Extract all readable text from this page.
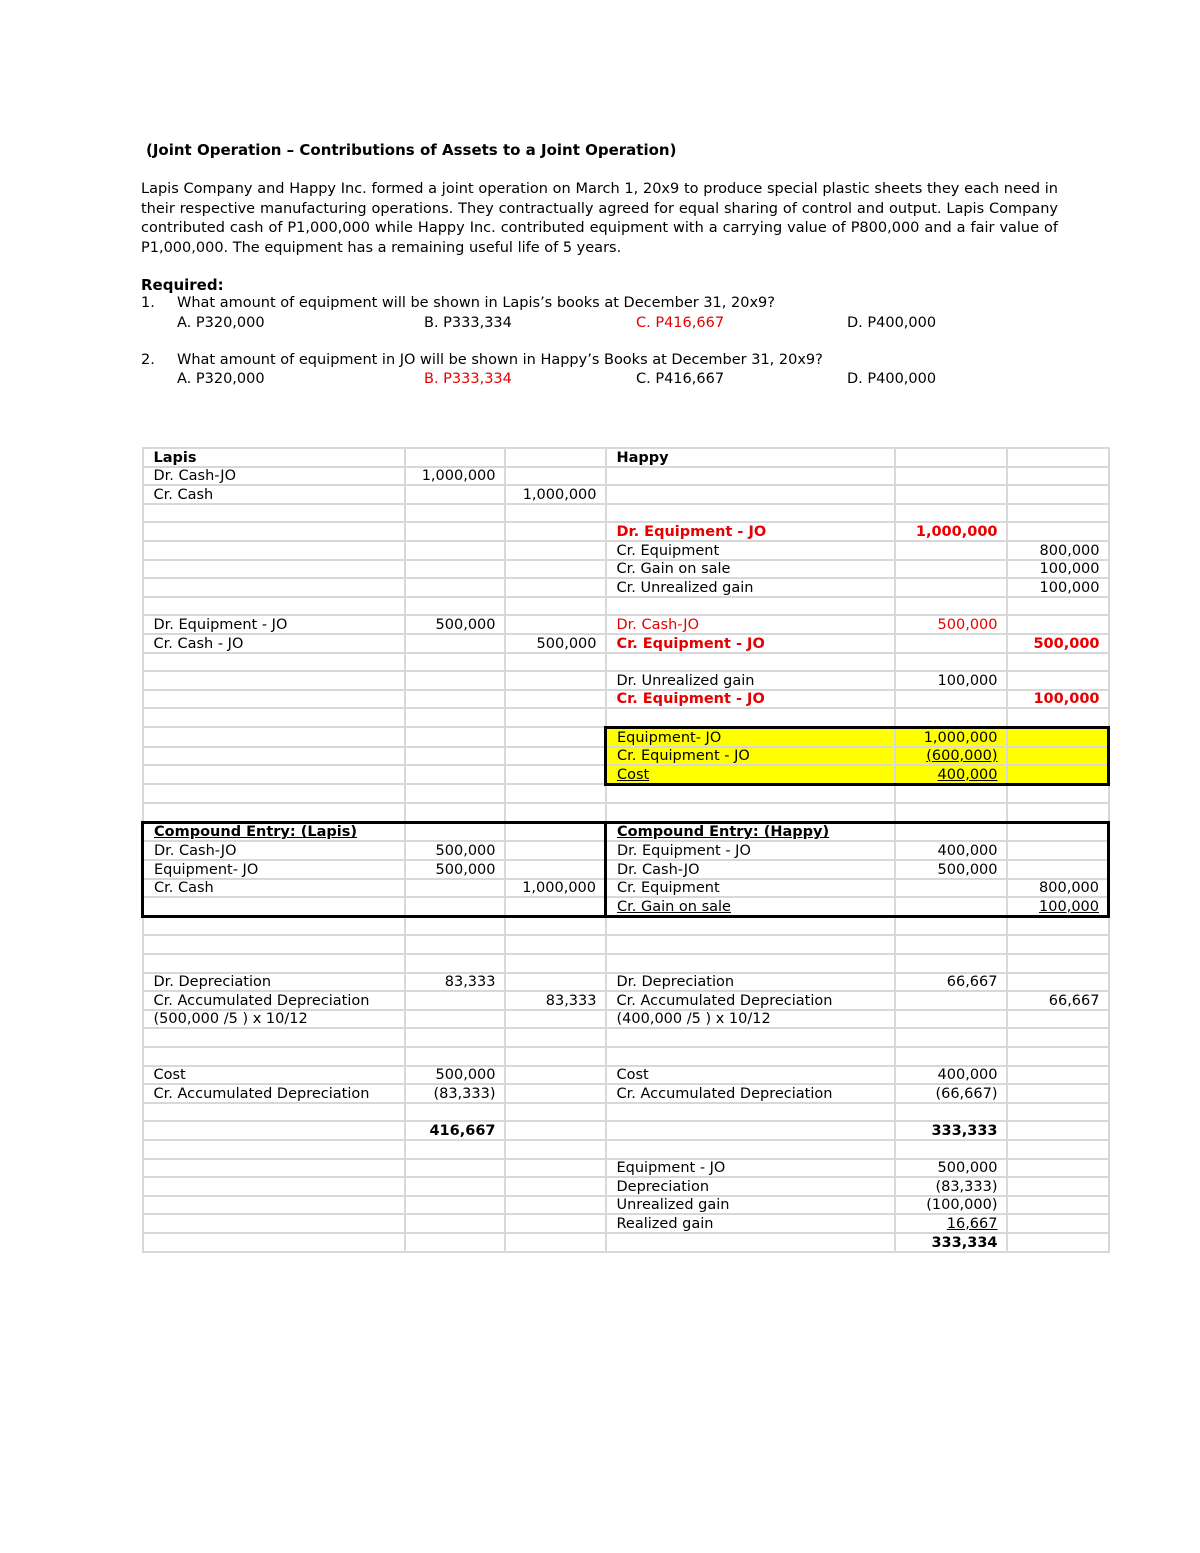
(Joint Operation – Contributions of Assets to a Joint Operation)
Lapis Company and Happy Inc. formed a joint operation on March 1, 20x9 to produce special plastic sheets they each need in their respective manufacturing operations. They contractually agreed for equal sharing of control and output. Lapis Company contributed cash of P1,000,000 while Happy Inc. contributed equipment with a carrying value of P800,000 and a fair value of P1,000,000. The equipment has a remaining useful life of 5 years.
Required:
1. What amount of equipment will be shown in Lapis’s books at December 31, 20x9?
A. P320,000	B. P333,334	C. P416,667	D. P400,000
2. What amount of equipment in JO will be shown in Happy’s Books at December 31, 20x9?
A. P320,000	B. P333,334	C. P416,667	D. P400,000
Lapis			Happy		
Dr. Cash-JO	1,000,000				
Cr. Cash		1,000,000			

			Dr. Equipment - JO	1,000,000	
			Cr. Equipment		800,000
			Cr. Gain on sale		100,000
			Cr. Unrealized gain		100,000

Dr. Equipment - JO	500,000		Dr. Cash-JO	500,000	
Cr. Cash - JO		500,000	Cr. Equipment - JO		500,000

			Dr. Unrealized gain	100,000	
			Cr. Equipment - JO		100,000

			Equipment- JO	1,000,000	
			Cr. Equipment - JO	(600,000)	
			Cost	400,000	

Compound Entry: (Lapis)			Compound Entry: (Happy)		
Dr. Cash-JO	500,000		Dr. Equipment - JO	400,000	
Equipment- JO	500,000		Dr. Cash-JO	500,000	
Cr. Cash		1,000,000	Cr. Equipment		800,000
			Cr. Gain on sale		100,000

Dr. Depreciation	83,333		Dr. Depreciation	66,667	
Cr. Accumulated Depreciation		83,333	Cr. Accumulated Depreciation		66,667
(500,000 /5 ) x 10/12			(400,000 /5 ) x 10/12		

Cost	500,000		Cost	400,000	
Cr. Accumulated Depreciation	(83,333)		Cr. Accumulated Depreciation	(66,667)	

	416,667			333,333	

			Equipment - JO	500,000	
			Depreciation	(83,333)	
			Unrealized gain	(100,000)	
			Realized gain	16,667	
				333,334	
